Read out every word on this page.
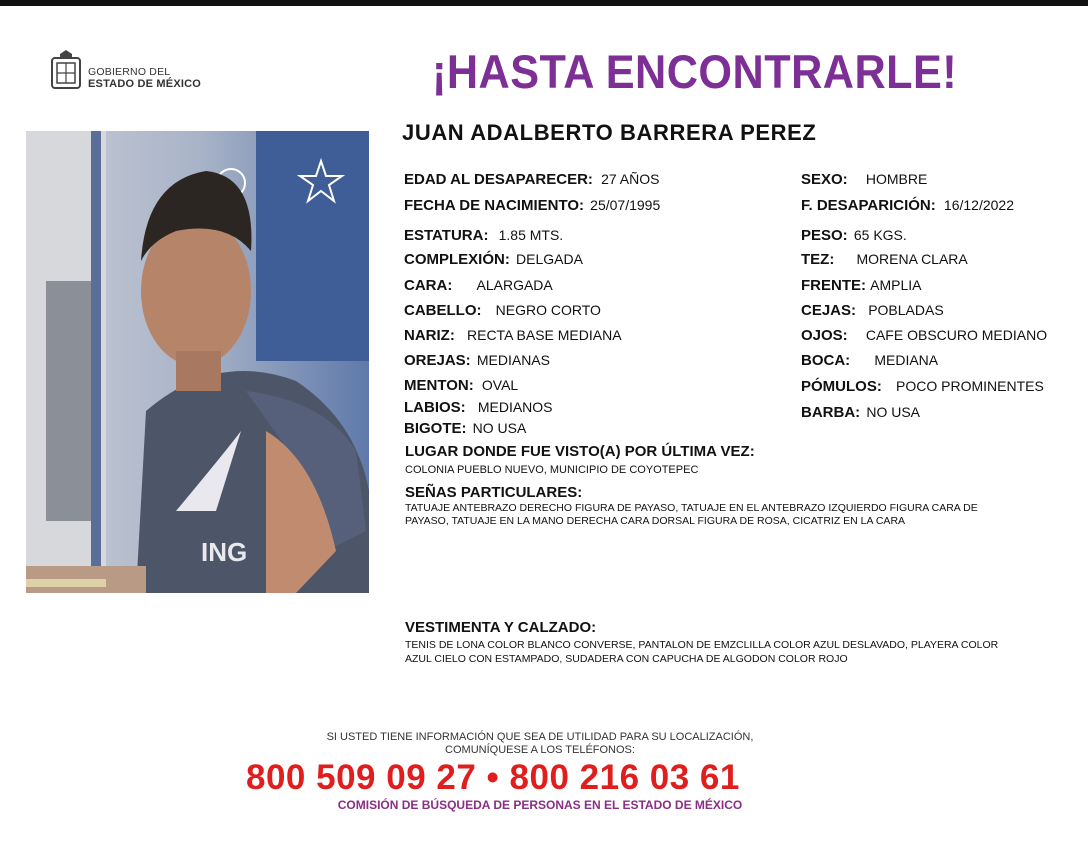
GOBIERNO DEL
ESTADO DE MÉXICO	¡HASTA ENCONTRARLE!
ING
JUAN ADALBERTO BARRERA PEREZ
EDAD AL DESAPARECER: 27 AÑOS
FECHA DE NACIMIENTO: 25/07/1995
ESTATURA: 1.85 MTS.
COMPLEXIÓN: DELGADA
CARA: ALARGADA
CABELLO: NEGRO CORTO
NARIZ: RECTA BASE MEDIANA
OREJAS: MEDIANAS
MENTON: OVAL
LABIOS: MEDIANOS
BIGOTE: NO USA
SEXO: HOMBRE
F. DESAPARICIÓN: 16/12/2022
PESO: 65 KGS.
TEZ: MORENA CLARA
FRENTE: AMPLIA
CEJAS: POBLADAS
OJOS: CAFE OBSCURO MEDIANO
BOCA: MEDIANA
PÓMULOS: POCO PROMINENTES
BARBA: NO USA
LUGAR DONDE FUE VISTO(A) POR ÚLTIMA VEZ:
COLONIA PUEBLO NUEVO, MUNICIPIO DE COYOTEPEC
SEÑAS PARTICULARES:
TATUAJE ANTEBRAZO DERECHO FIGURA DE PAYASO, TATUAJE EN EL ANTEBRAZO IZQUIERDO FIGURA CARA DE
PAYASO, TATUAJE EN LA MANO DERECHA CARA DORSAL FIGURA DE ROSA, CICATRIZ EN LA CARA
VESTIMENTA Y CALZADO:
TENIS DE LONA COLOR BLANCO CONVERSE, PANTALON DE EMZCLILLA COLOR AZUL DESLAVADO, PLAYERA COLOR
AZUL CIELO CON ESTAMPADO, SUDADERA CON CAPUCHA DE ALGODON COLOR ROJO
SI USTED TIENE INFORMACIÓN QUE SEA DE UTILIDAD PARA SU LOCALIZACIÓN,
COMUNÍQUESE A LOS TELÉFONOS:
800 509 09 27 • 800 216 03 61
COMISIÓN DE BÚSQUEDA DE PERSONAS EN EL ESTADO DE MÉXICO
